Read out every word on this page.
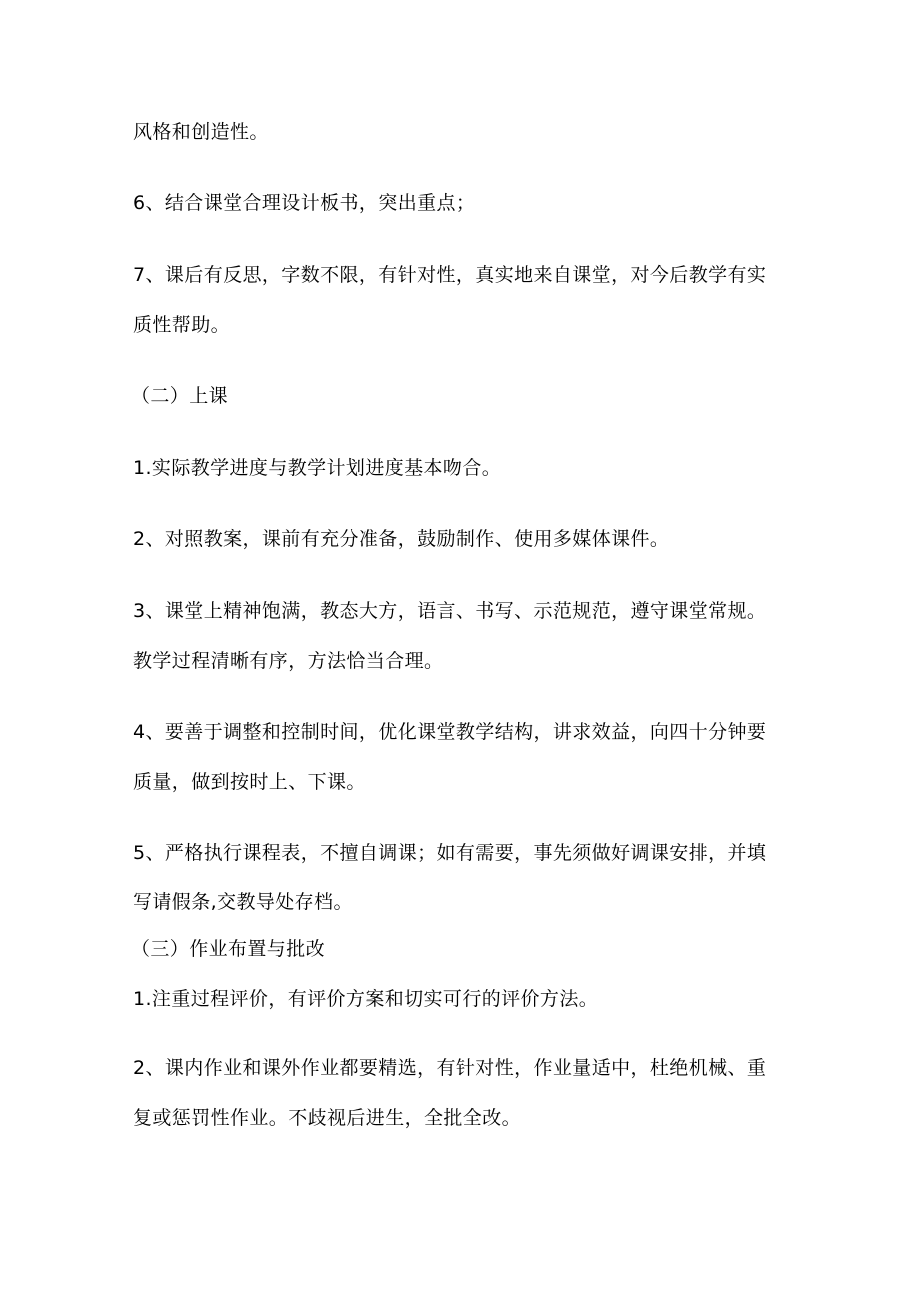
风格和创造性。
6、结合课堂合理设计板书，突出重点；
7、课后有反思，字数不限，有针对性，真实地来自课堂，对今后教学有实
质性帮助。
（二）上课
1.实际教学进度与教学计划进度基本吻合。
2、对照教案，课前有充分准备，鼓励制作、使用多媒体课件。
3、课堂上精神饱满，教态大方，语言、书写、示范规范，遵守课堂常规。
教学过程清晰有序，方法恰当合理。
4、要善于调整和控制时间，优化课堂教学结构，讲求效益，向四十分钟要
质量，做到按时上、下课。
5、严格执行课程表，不擅自调课；如有需要，事先须做好调课安排，并填
写请假条,交教导处存档。
（三）作业布置与批改
1.注重过程评价，有评价方案和切实可行的评价方法。
2、课内作业和课外作业都要精选，有针对性，作业量适中，杜绝机械、重
复或惩罚性作业。不歧视后进生，全批全改。
